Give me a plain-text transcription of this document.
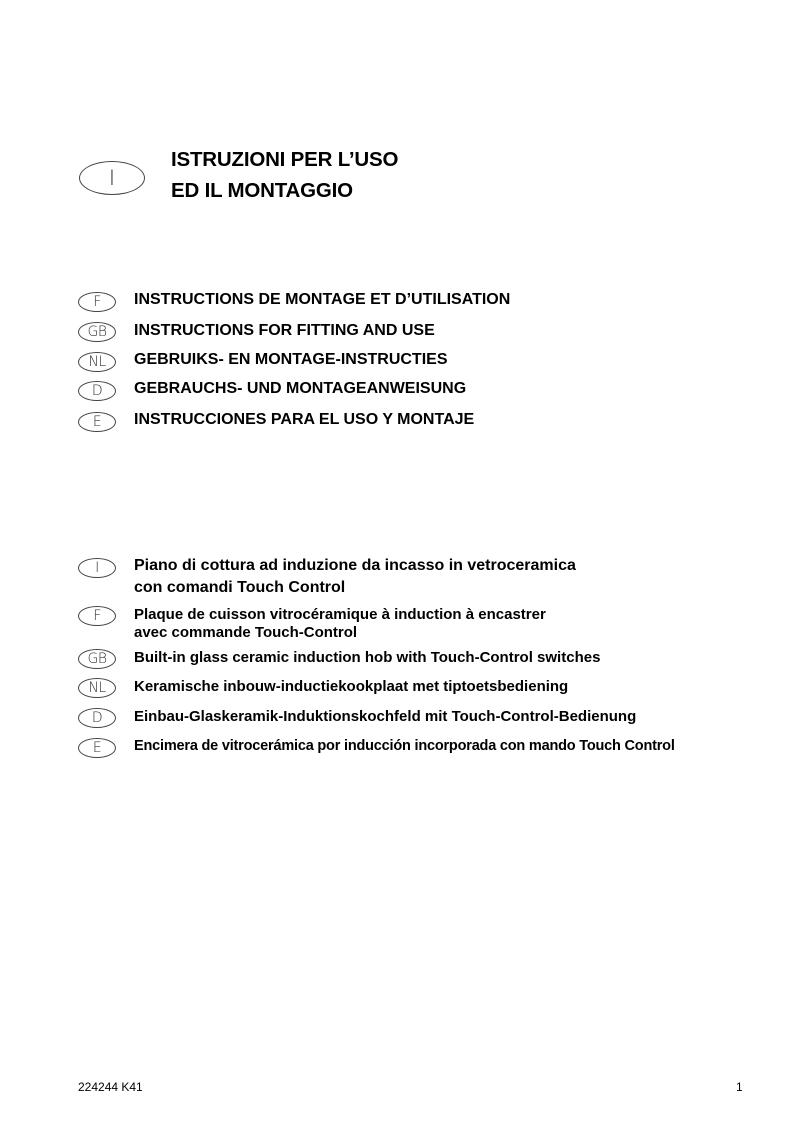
I
ISTRUZIONI PER L’USO
ED IL MONTAGGIO
F INSTRUCTIONS DE MONTAGE ET D’UTILISATION
GB INSTRUCTIONS FOR FITTING AND USE
NL GEBRUIKS- EN MONTAGE-INSTRUCTIES
D GEBRAUCHS- UND MONTAGEANWEISUNG
E INSTRUCCIONES PARA EL USO Y MONTAJE
I Piano di cottura ad induzione da incasso in vetroceramica
con comandi Touch Control
F Plaque de cuisson vitrocéramique à induction à encastrer
avec commande Touch-Control
GB Built-in glass ceramic induction hob with Touch-Control switches
NL Keramische inbouw-inductiekookplaat met tiptoetsbediening
D Einbau-Glaskeramik-Induktionskochfeld mit Touch-Control-Bedienung
E Encimera de vitrocerámica por inducción incorporada con mando Touch Control
224244 K41	1
